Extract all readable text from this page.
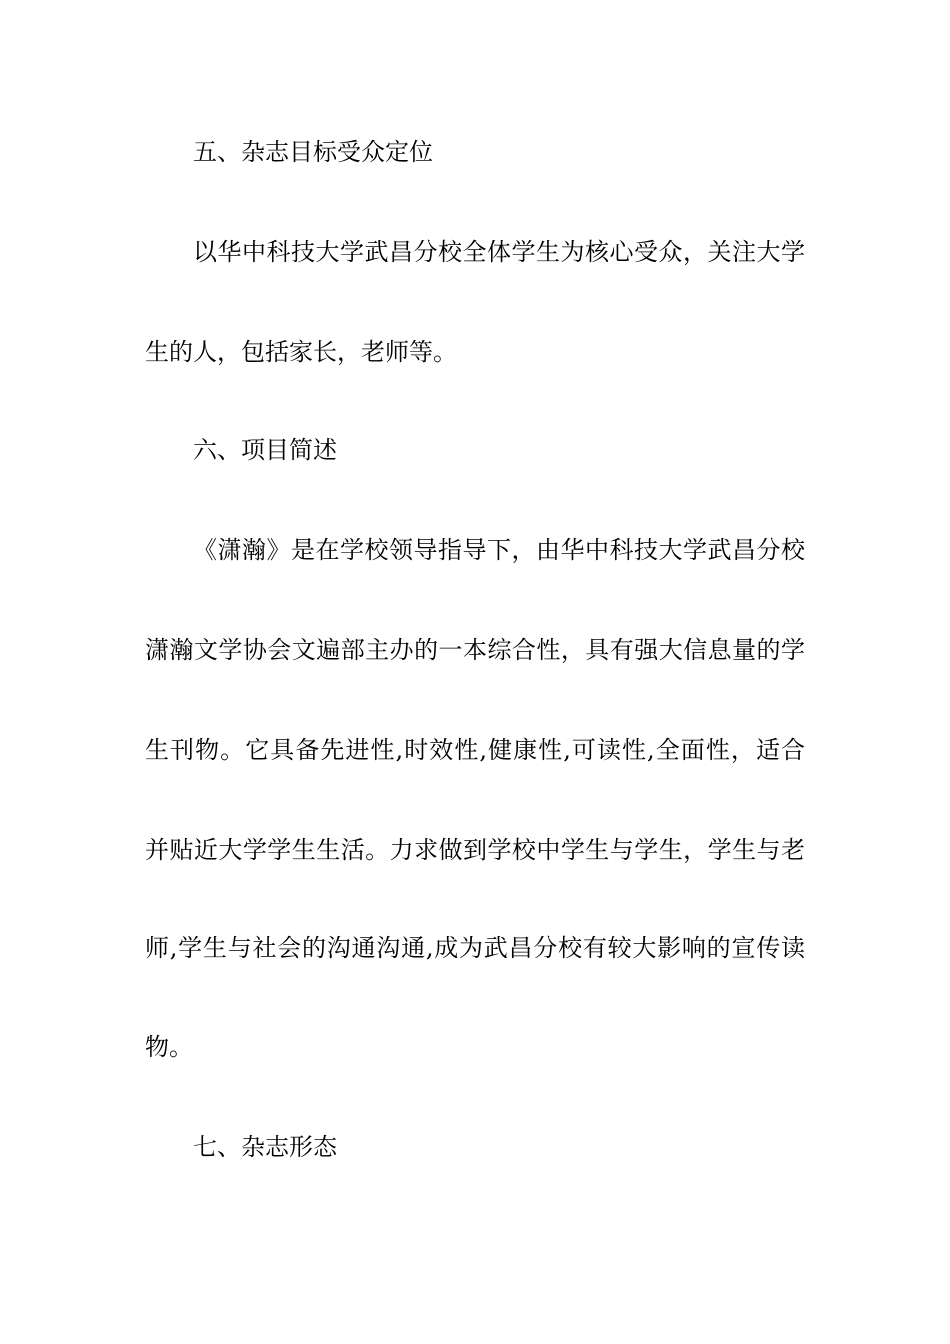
五、杂志目标受众定位
以华中科技大学武昌分校全体学生为核心受众，关注大学
生的人，包括家长，老师等。
六、项目简述
《潇瀚》是在学校领导指导下，由华中科技大学武昌分校
潇瀚文学协会文遍部主办的一本综合性，具有强大信息量的学
生刊物。它具备先进性,时效性,健康性,可读性,全面性，适合
并贴近大学学生生活。力求做到学校中学生与学生，学生与老
师,学生与社会的沟通沟通,成为武昌分校有较大影响的宣传读
物。
七、杂志形态
